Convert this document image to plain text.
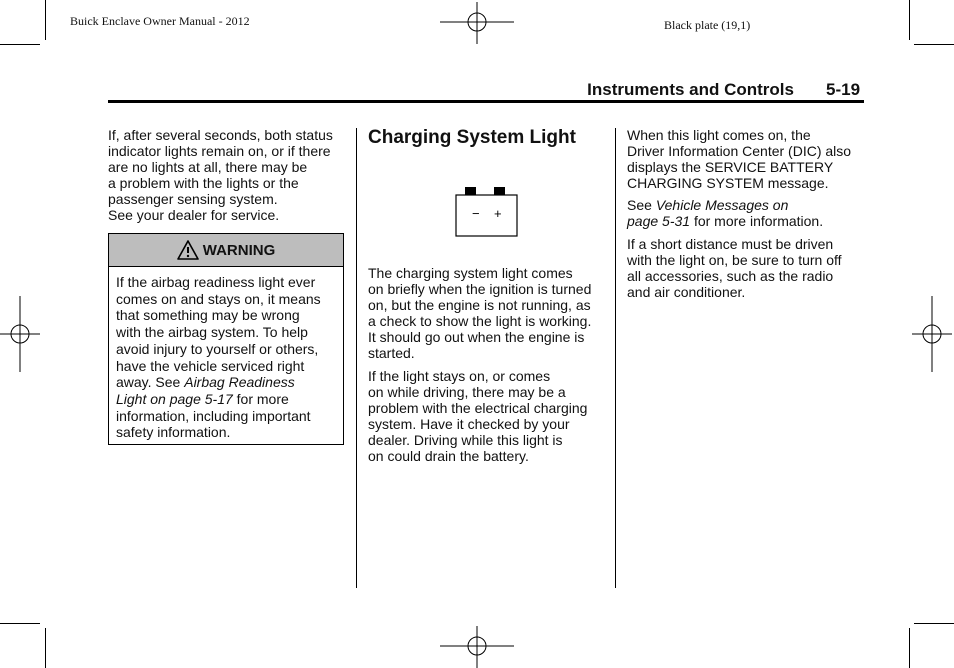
Buick Enclave Owner Manual - 2012	Black plate (19,1)
Instruments and Controls 5-19
If, after several seconds, both status
indicator lights remain on, or if there
are no lights at all, there may be
a problem with the lights or the
passenger sensing system.
See your dealer for service.
WARNING
If the airbag readiness light ever
comes on and stays on, it means
that something may be wrong
with the airbag system. To help
avoid injury to yourself or others,
have the vehicle serviced right
away. See Airbag Readiness
Light on page 5-17 for more
information, including important
safety information.
Charging System Light
− +

The charging system light comes
on briefly when the ignition is turned
on, but the engine is not running, as
a check to show the light is working.
It should go out when the engine is
started.

If the light stays on, or comes
on while driving, there may be a
problem with the electrical charging
system. Have it checked by your
dealer. Driving while this light is
on could drain the battery.

When this light comes on, the
Driver Information Center (DIC) also
displays the SERVICE BATTERY
CHARGING SYSTEM message.

See Vehicle Messages on
page 5-31 for more information.

If a short distance must be driven
with the light on, be sure to turn off
all accessories, such as the radio
and air conditioner.
